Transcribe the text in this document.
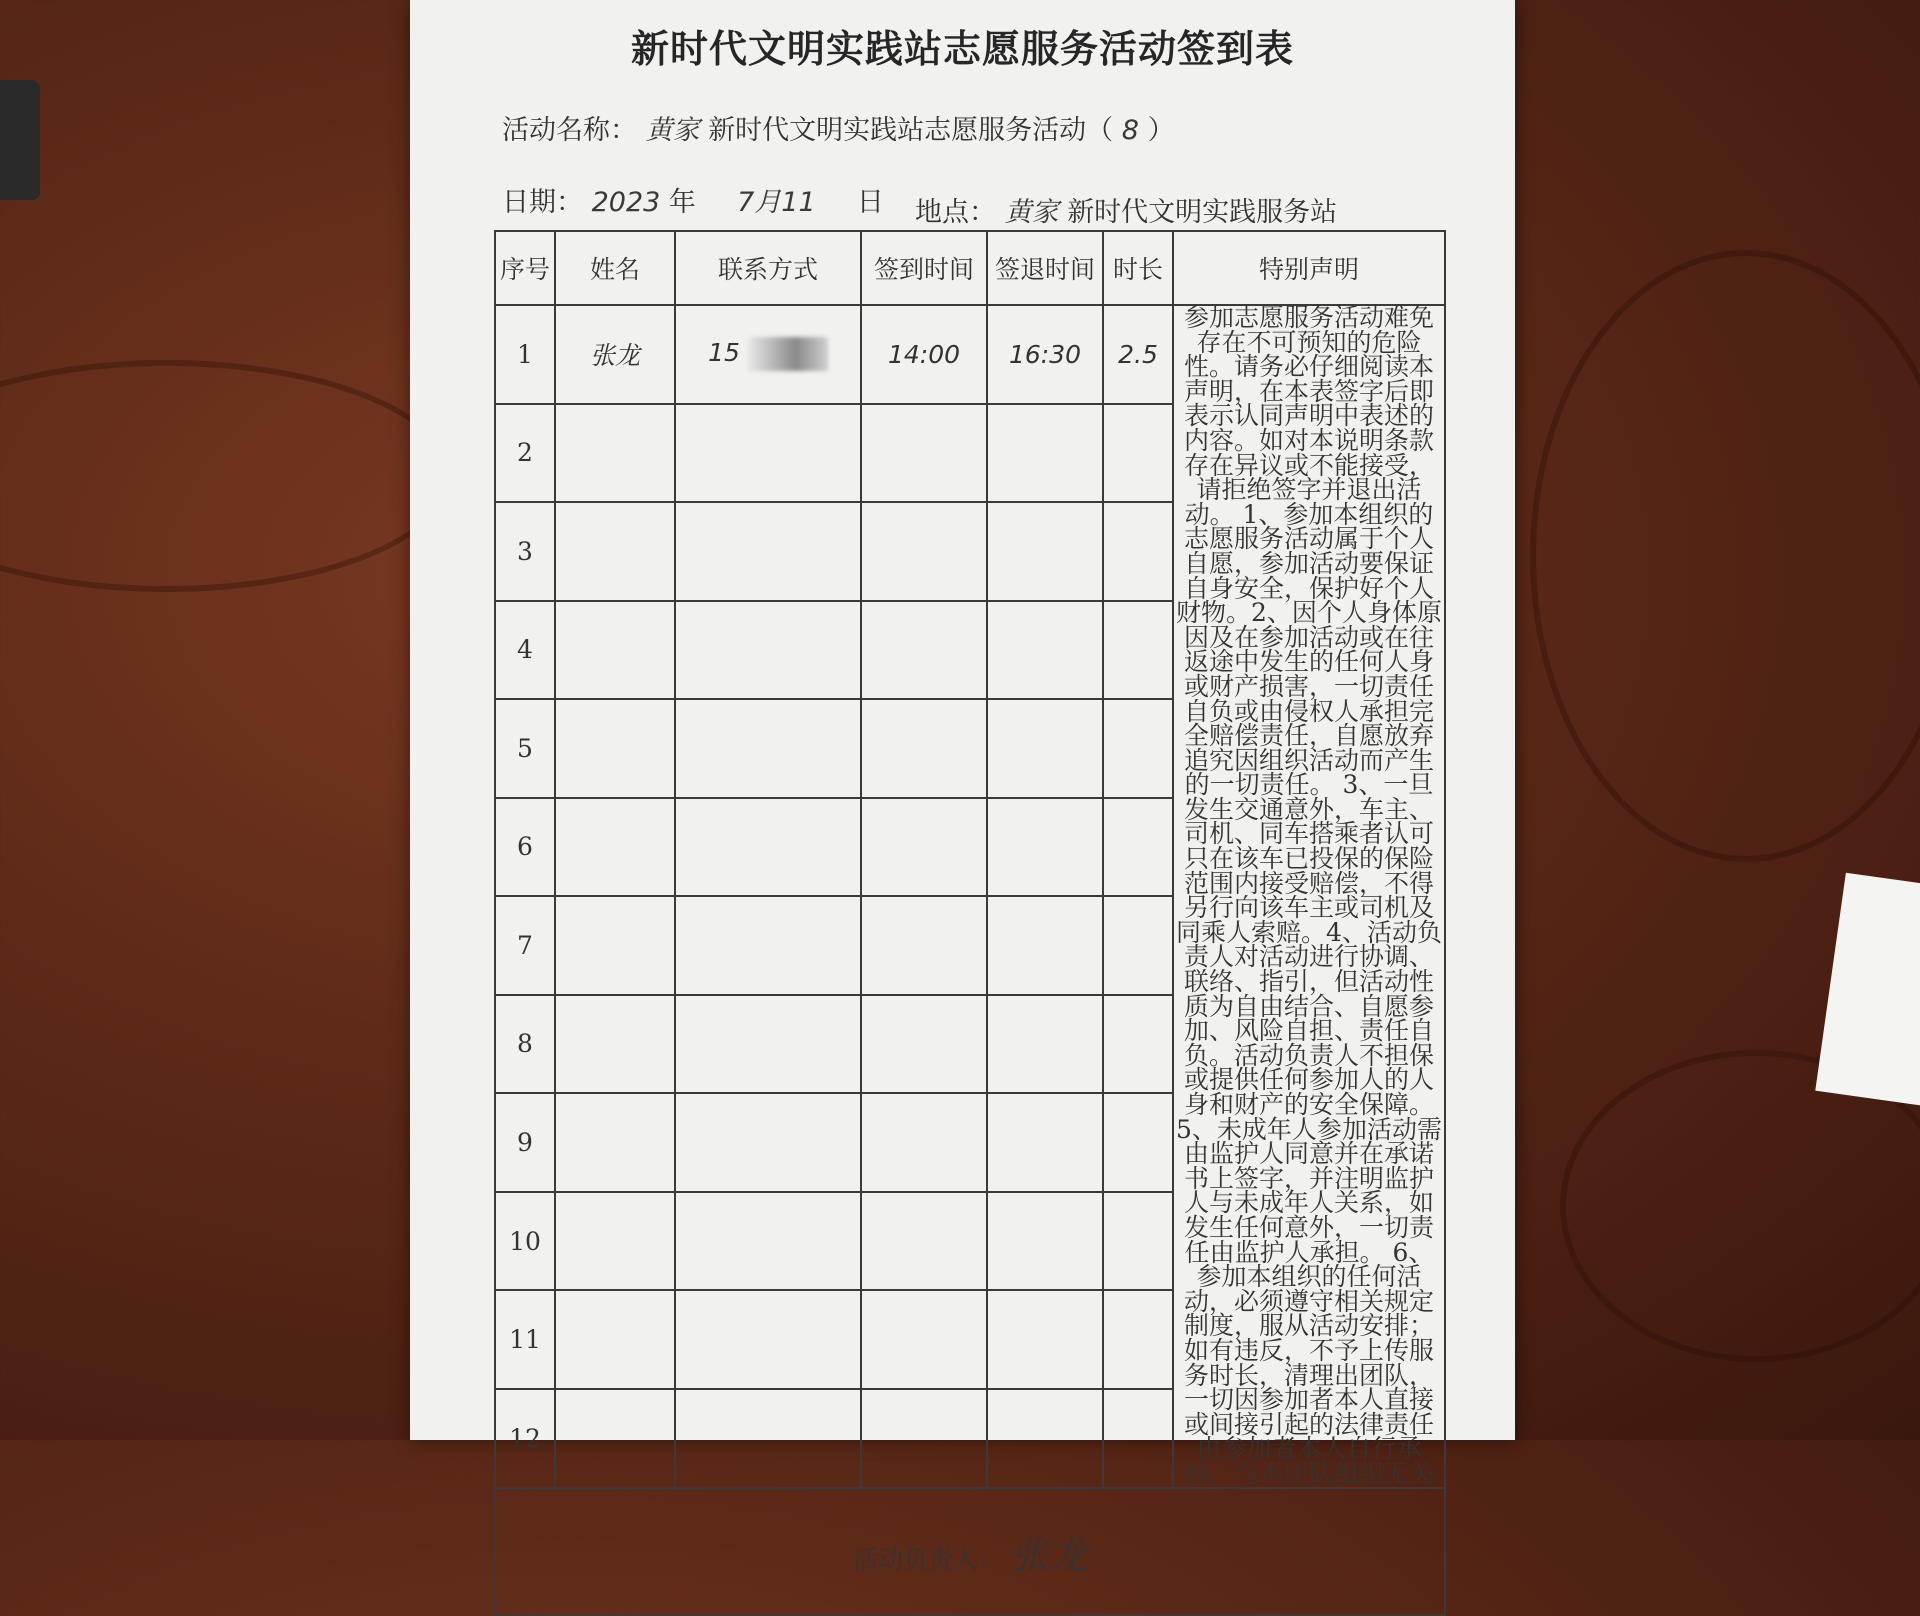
新时代文明实践站志愿服务活动签到表
活动名称： 黄家 新时代文明实践站志愿服务活动（ 8 ）
日期： 2023 年 7月11 日 地点： 黄家 新时代文明实践服务站
序号	姓名	联系方式	签到时间	签退时间	时长	特别声明
1	张龙	15	14:00	16:30	2.5	参加志愿服务活动难免存在不可预知的危险性。请务必仔细阅读本声明，在本表签字后即表示认同声明中表述的内容。如对本说明条款存在异议或不能接受，请拒绝签字并退出活动。 1、参加本组织的志愿服务活动属于个人自愿，参加活动要保证自身安全，保护好个人财物。2、因个人身体原因及在参加活动或在往返途中发生的任何人身或财产损害，一切责任自负或由侵权人承担完全赔偿责任，自愿放弃追究因组织活动而产生的一切责任。 3、一旦发生交通意外，车主、司机、同车搭乘者认可只在该车已投保的保险范围内接受赔偿，不得另行向该车主或司机及同乘人索赔。4、活动负责人对活动进行协调、联络、指引，但活动性质为自由结合、自愿参加、风险自担、责任自负。活动负责人不担保或提供任何参加人的人身和财产的安全保障。5、未成年人参加活动需由监护人同意并在承诺书上签字，并注明监护人与未成年人关系，如发生任何意外，一切责任由监护人承担。 6、参加本组织的任何活动，必须遵守相关规定制度，服从活动安排；如有违反，不予上传服务时长，清理出团队，一切因参加者本人直接或间接引起的法律责任由参加者本人自行承担，与本团队组织无关
2						
3						
4						
5						
6						
7						
8						
9						
10						
11						
12						
活动负责人： 张龙						
